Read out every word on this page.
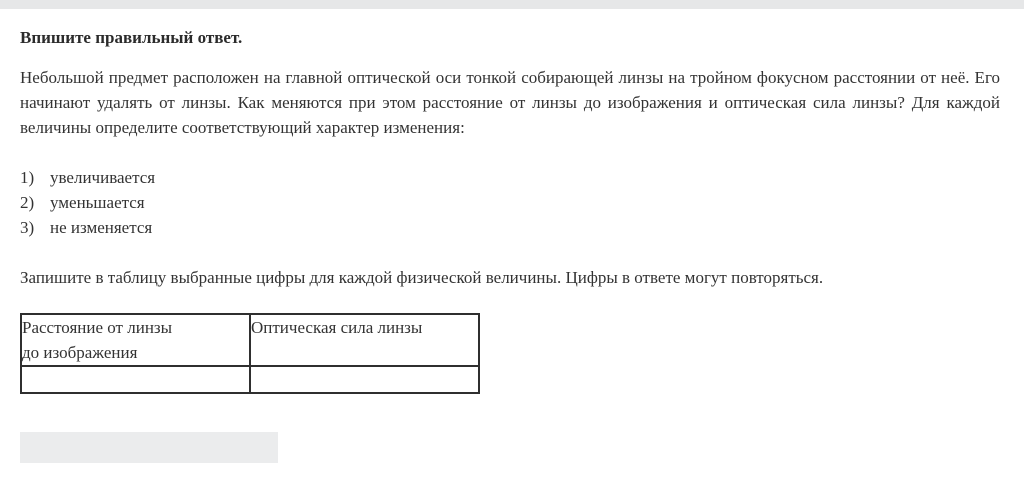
Впишите правильный ответ.

Небольшой предмет расположен на главной оптической оси тонкой собирающей линзы на тройном фокусном расстоянии от неё. Его начинают удалять от линзы. Как меняются при этом расстояние от линзы до изображения и оптическая сила линзы? Для каждой величины определите соответствующий характер изменения:

1) увеличивается
2) уменьшается
3) не изменяется

Запишите в таблицу выбранные цифры для каждой физической величины. Цифры в ответе могут повторяться.

Расстояние от линзы
до изображения	Оптическая сила линзы
